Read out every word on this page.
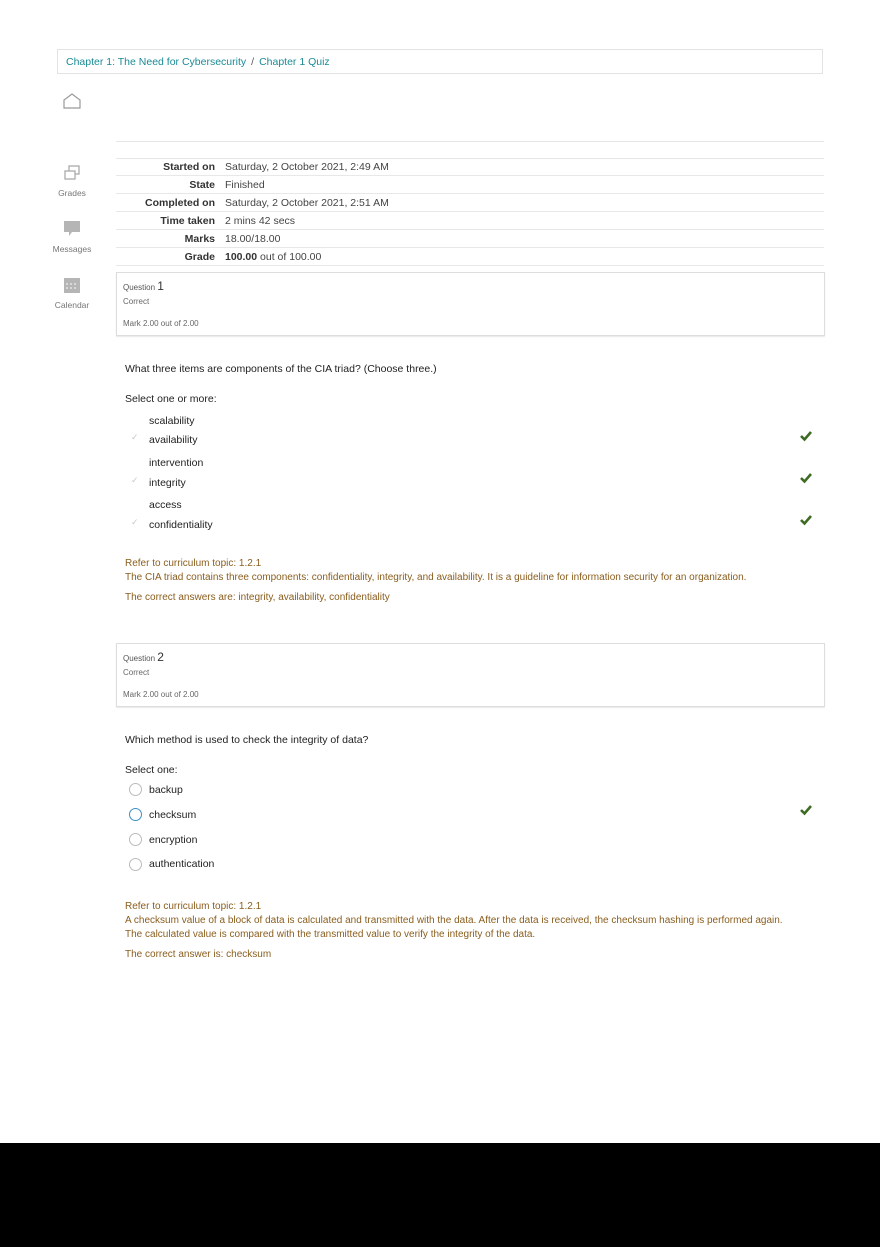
Chapter 1: The Need for Cybersecurity / Chapter 1 Quiz
Grades
Messages
Calendar
Started on Saturday, 2 October 2021, 2:49 AM
State Finished
Completed on Saturday, 2 October 2021, 2:51 AM
Time taken 2 mins 42 secs
Marks 18.00/18.00
Grade 100.00 out of 100.00
Question 1
Correct
Mark 2.00 out of 2.00
What three items are components of the CIA triad? (Choose three.)
Select one or more:
scalability
✓ availability
intervention
✓ integrity
access
✓ confidentiality
Refer to curriculum topic: 1.2.1
The CIA triad contains three components: confidentiality, integrity, and availability. It is a guideline for information security for an organization.
The correct answers are: integrity, availability, confidentiality
Question 2
Correct
Mark 2.00 out of 2.00
Which method is used to check the integrity of data?
Select one:
backup
checksum
encryption
authentication
Refer to curriculum topic: 1.2.1
A checksum value of a block of data is calculated and transmitted with the data. After the data is received, the checksum hashing is performed again.
The calculated value is compared with the transmitted value to verify the integrity of the data.
The correct answer is: checksum
